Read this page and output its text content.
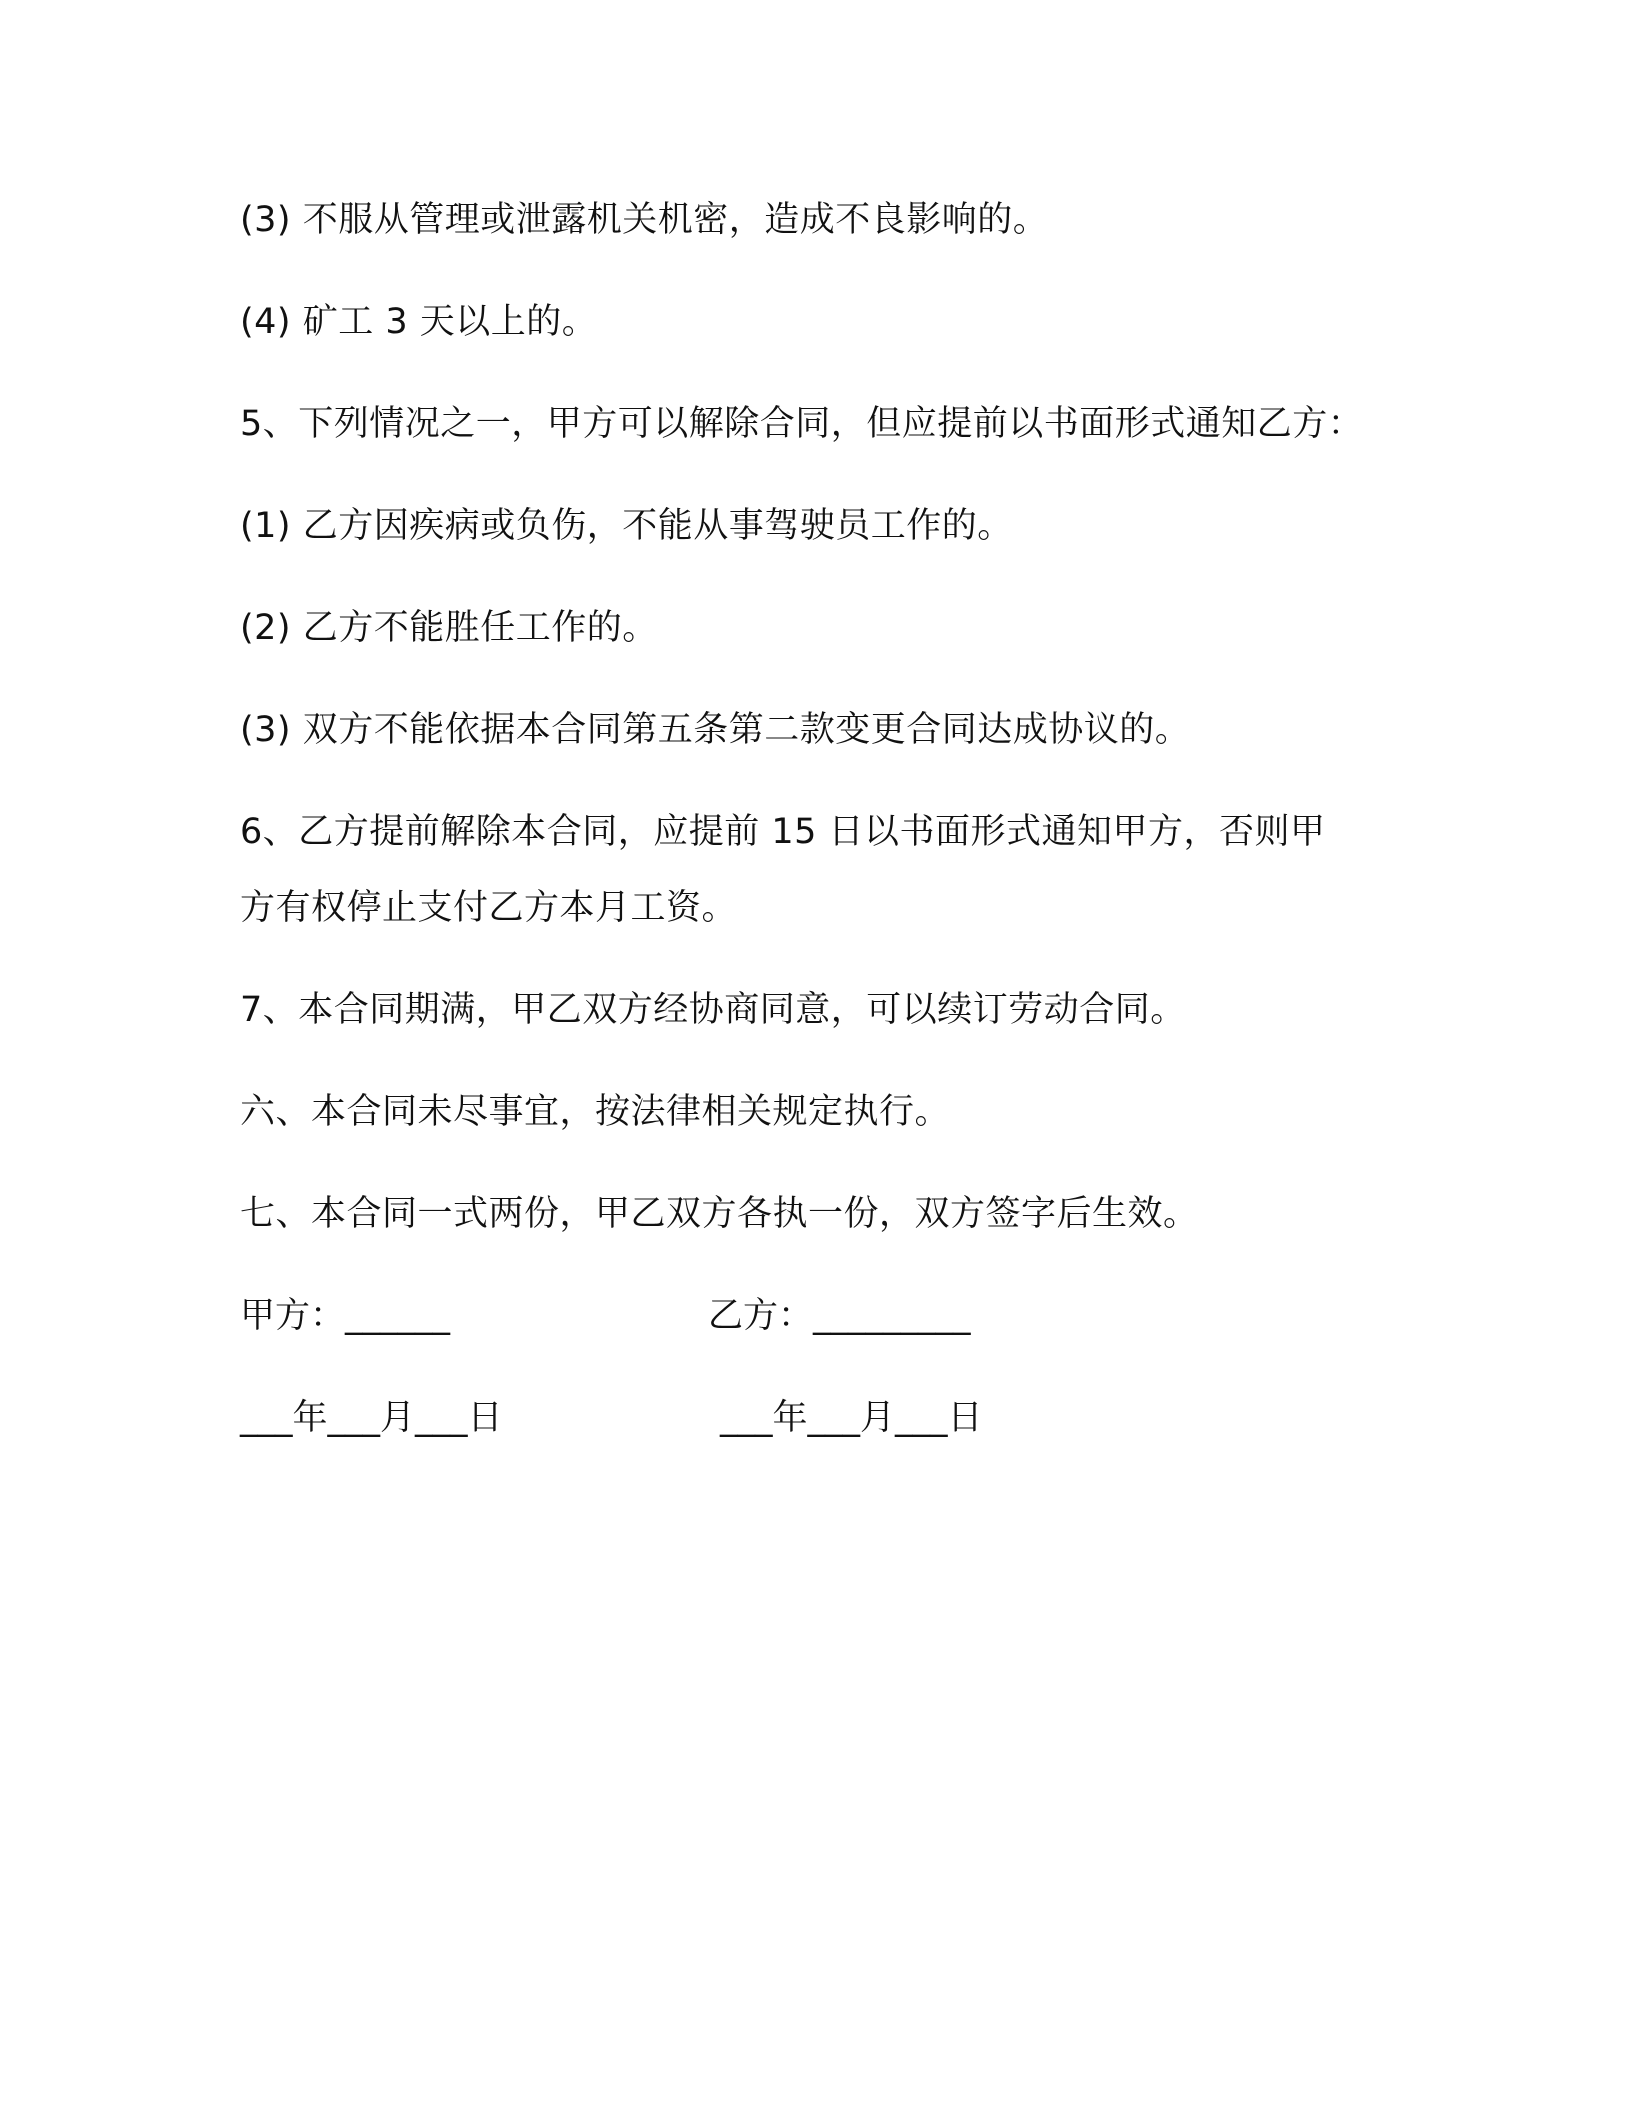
(3) 不服从管理或泄露机关机密，造成不良影响的。
(4) 矿工 3 天以上的。
5、下列情况之一，甲方可以解除合同，但应提前以书面形式通知乙方：
(1) 乙方因疾病或负伤，不能从事驾驶员工作的。
(2) 乙方不能胜任工作的。
(3) 双方不能依据本合同第五条第二款变更合同达成协议的。
6、乙方提前解除本合同，应提前 15 日以书面形式通知甲方，否则甲
方有权停止支付乙方本月工资。
7、本合同期满，甲乙双方经协商同意，可以续订劳动合同。
六、本合同未尽事宜，按法律相关规定执行。
七、本合同一式两份，甲乙双方各执一份，双方签字后生效。
甲方：______	乙方：_________
___年___月___日	___年___月___日
